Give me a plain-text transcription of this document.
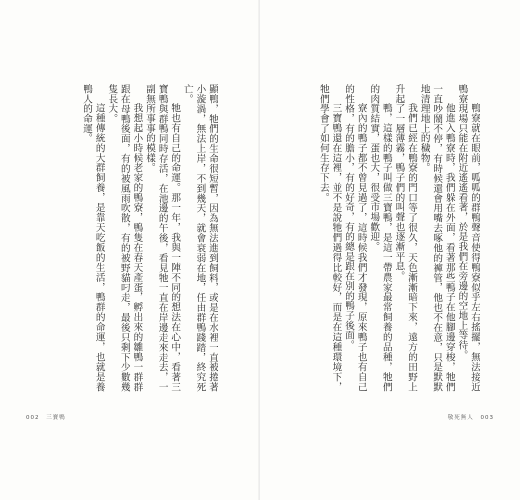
顯鴨，牠們的生命很短暫，因為無法進到飼料，或是在水裡一直被捲著小漩渦，無法上岸，不到幾天，就會衰弱在地，任由群鴨踐踏，終究死亡。

牠也有自己的命運。那一年，我與一陣不同的想法在心中，看著三寶鴨與群鴨同時存活，在池邊的午後，看見牠一直在岸邊走來走去，一副無所事事的模樣。

我想起小時候老家的鴨寮，鴨隻在春天產蛋，孵出來的雛鴨一群群跟在母鴨後面，有的被風雨吹散，有的被野貓叼走，最後只剩下少數幾隻長大。

這種傳統的大群飼養，是靠天吃飯的生活，鴨群的命運，也就是養鴨人的命運。

002 三寶鴨

鴨寮就在眼前，呱呱的群鴨聲音使得鴨寮似乎左右搖擺，無法接近鴨寮現場只能在附近遙遙看著，於是我們在旁邊的空地上等待。

他進入鴨寮時，我們躲在外面，看著那些鴨子在他腳邊穿梭，牠們一直吵鬧不停，有時候還會用嘴去啄他的褲管，他也不在意，只是默默地清理地上的穢物。

我們已經在鴨寮的門口等了很久，天色漸漸暗下來，遠方的田野上升起了一層薄霧，鴨子們的叫聲也逐漸平息。

鴨，這樣的鴨子叫做三寶鴨，是這一帶農家最常飼養的品種，牠們的肉質結實，蛋也大，很受市場歡迎。

寮內的鴨子都不曾見過了，這時候我們才發現，原來鴨子也有自己的性格，有的膽小，有的好奇，有的總是跟在別的鴨子後面。

三寶鴨還在這裡，並不是說牠們過得比較好，而是在這種環境下，牠們學會了如何生存下去。

敬死無人 003
